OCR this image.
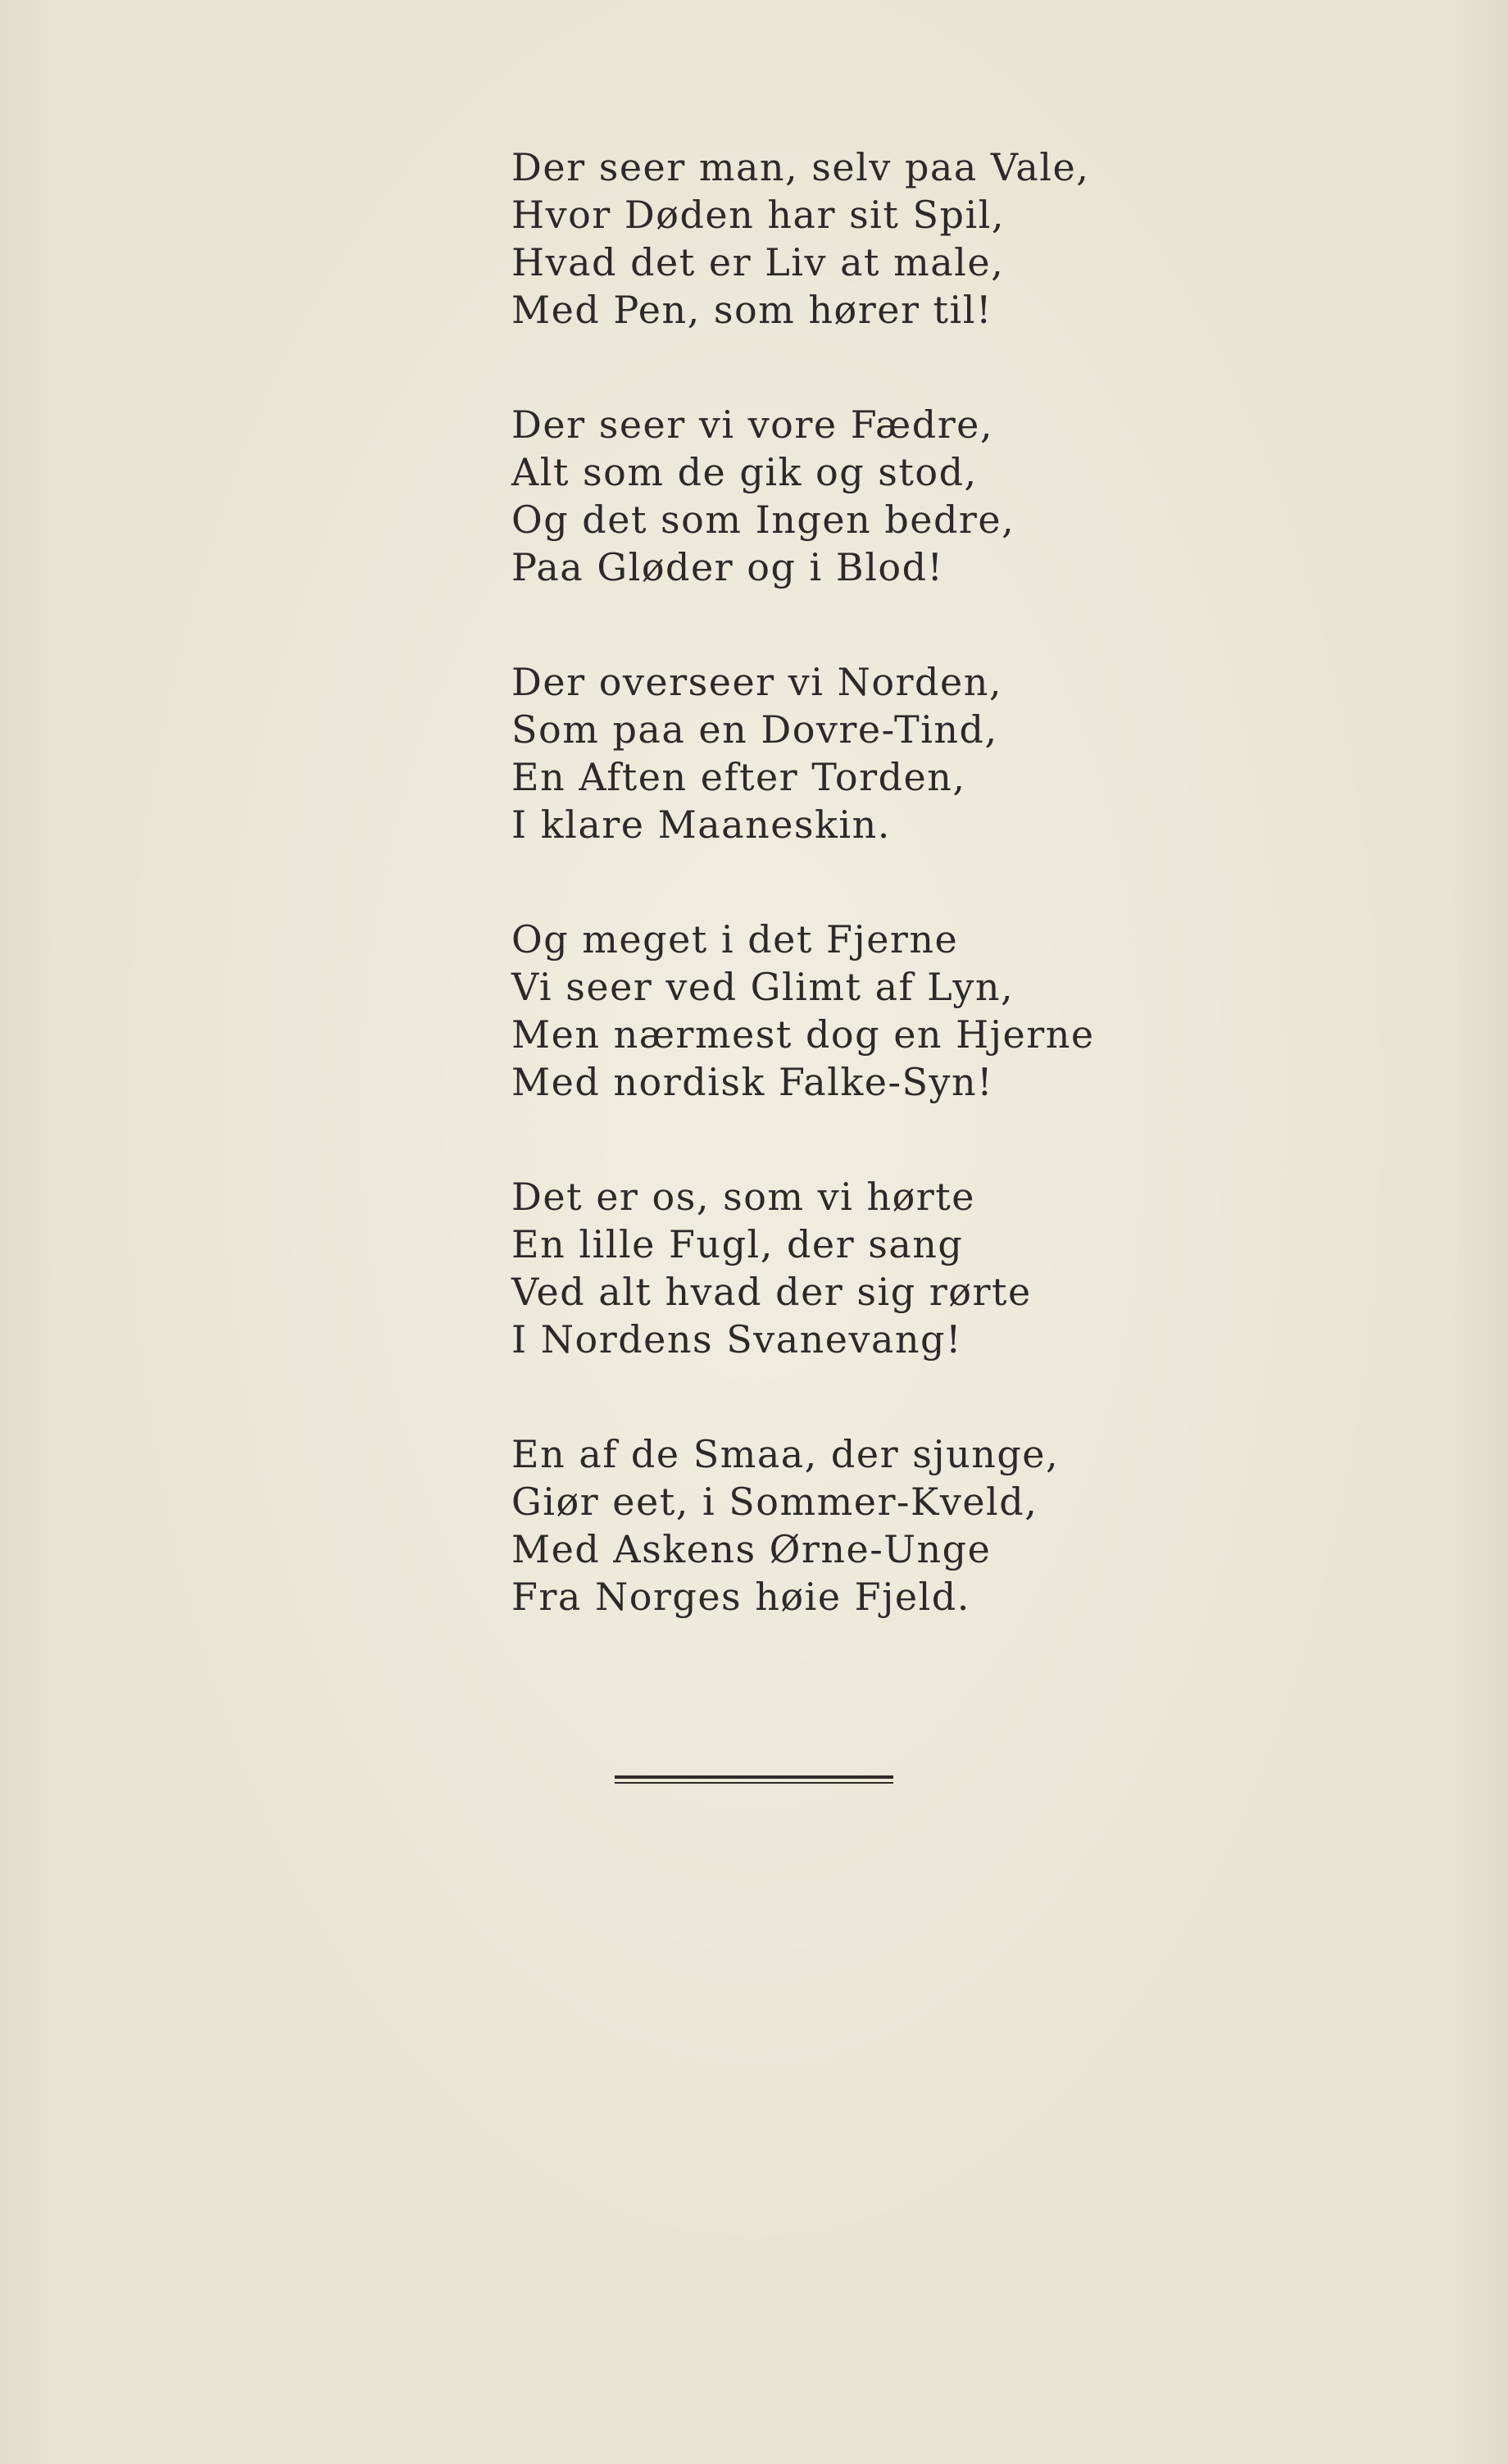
Der seer man, selv paa Vale,
Hvor Døden har sit Spil,
Hvad det er Liv at male,
Med Pen, som hører til!
Der seer vi vore Fædre,
Alt som de gik og stod,
Og det som Ingen bedre,
Paa Gløder og i Blod!
Der overseer vi Norden,
Som paa en Dovre-Tind,
En Aften efter Torden,
I klare Maaneskin.
Og meget i det Fjerne
Vi seer ved Glimt af Lyn,
Men nærmest dog en Hjerne
Med nordisk Falke-Syn!
Det er os, som vi hørte
En lille Fugl, der sang
Ved alt hvad der sig rørte
I Nordens Svanevang!
En af de Smaa, der sjunge,
Giør eet, i Sommer-Kveld,
Med Askens Ørne-Unge
Fra Norges høie Fjeld.
